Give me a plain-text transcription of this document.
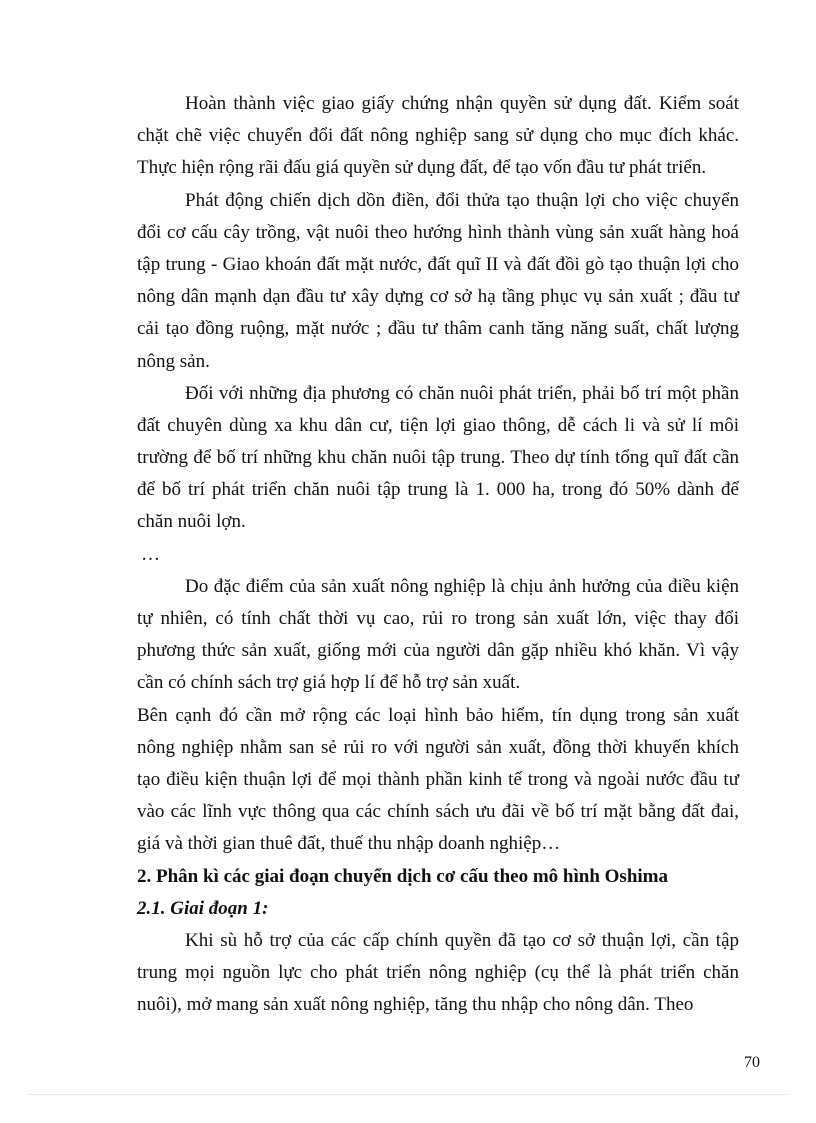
Hoàn thành việc giao giấy chứng nhận quyền sử dụng đất. Kiểm soát
chặt chẽ việc chuyển đổi đất nông nghiệp sang sử dụng cho mục đích khác.
Thực hiện rộng rãi đấu giá quyền sử dụng đất, để tạo vốn đầu tư phát triển.
Phát động chiến dịch dồn điền, đổi thửa tạo thuận lợi cho việc chuyển
đổi cơ cấu cây trồng, vật nuôi theo hướng hình thành vùng sản xuất hàng hoá
tập trung - Giao khoán đất mặt nước, đất quĩ II và đất đồi gò tạo thuận lợi cho
nông dân mạnh dạn đầu tư xây dựng cơ sở hạ tầng phục vụ sản xuất ; đầu tư
cải tạo đồng ruộng, mặt nước ; đầu tư thâm canh tăng năng suất, chất lượng
nông sản.
Đối với những địa phương có chăn nuôi phát triển, phải bố trí một phần
đất chuyên dùng xa khu dân cư, tiện lợi giao thông, dễ cách li và sử lí môi
trường để bố trí những khu chăn nuôi tập trung. Theo dự tính tổng quĩ đất cần
để bố trí phát triển chăn nuôi tập trung là 1. 000 ha, trong đó 50% dành để
chăn nuôi lợn.
…
Do đặc điểm của sản xuất nông nghiệp là chịu ảnh hưởng của điều kiện
tự nhiên, có tính chất thời vụ cao, rủi ro trong sản xuất lớn, việc thay đổi
phương thức sản xuất, giống mới của người dân gặp nhiều khó khăn. Vì vậy
cần có chính sách trợ giá hợp lí để hỗ trợ sản xuất.
Bên cạnh đó cần mở rộng các loại hình bảo hiểm, tín dụng trong sản xuất
nông nghiệp nhằm san sẻ rủi ro với người sản xuất, đồng thời khuyến khích
tạo điều kiện thuận lợi để mọi thành phần kinh tế trong và ngoài nước đầu tư
vào các lĩnh vực thông qua các chính sách ưu đãi về bố trí mặt bằng đất đai,
giá và thời gian thuê đất, thuế thu nhập doanh nghiệp…
2. Phân kì các giai đoạn chuyển dịch cơ cấu theo mô hình Oshima
2.1. Giai đoạn 1:
Khi sù hỗ trợ của các cấp chính quyền đã tạo cơ sở thuận lợi, cần tập
trung mọi nguồn lực cho phát triển nông nghiệp (cụ thể là phát triển chăn
nuôi), mở mang sản xuất nông nghiệp, tăng thu nhập cho nông dân. Theo
70
